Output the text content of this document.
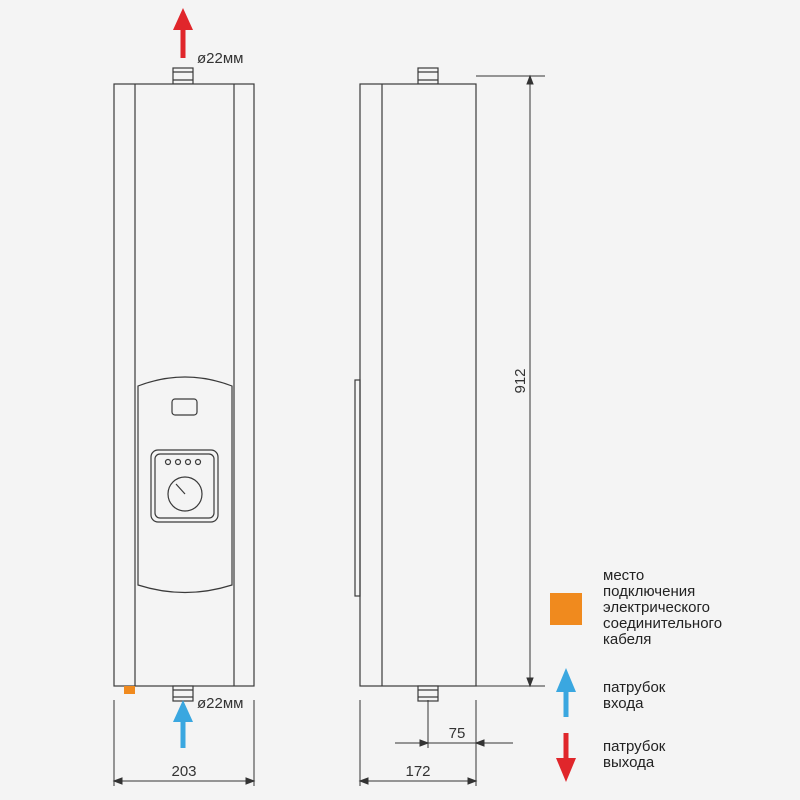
ø22мм
ø22мм
203
912
75
172
место
подключения
электрического
соединительного
кабеля
патрубок
входа
патрубок
выхода
